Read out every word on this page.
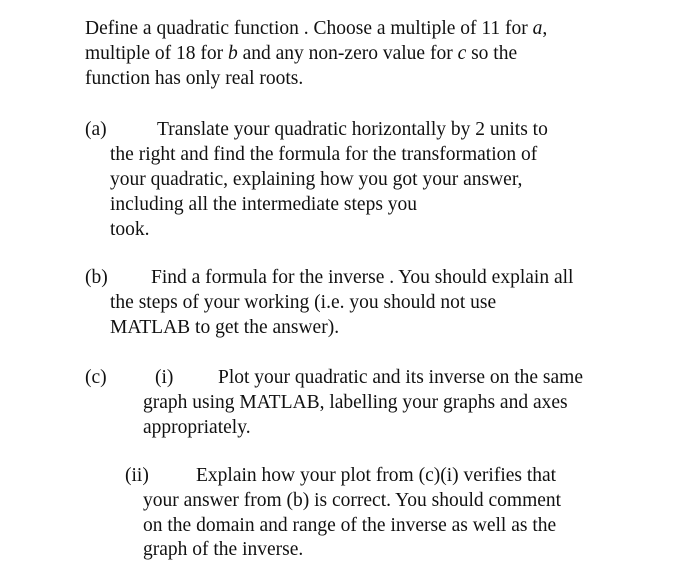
Define a quadratic function . Choose a multiple of 11 for a,
multiple of 18 for b and any non-zero value for c so the
function has only real roots.
(a)	Translate your quadratic horizontally by 2 units to
the right and find the formula for the transformation of
your quadratic, explaining how you got your answer,
including all the intermediate steps you
took.
(b) Find a formula for the inverse . You should explain all
the steps of your working (i.e. you should not use
MATLAB to get the answer).
(c) (i) Plot your quadratic and its inverse on the same
graph using MATLAB, labelling your graphs and axes
appropriately.
(ii) Explain how your plot from (c)(i) verifies that
your answer from (b) is correct. You should comment
on the domain and range of the inverse as well as the
graph of the inverse.
